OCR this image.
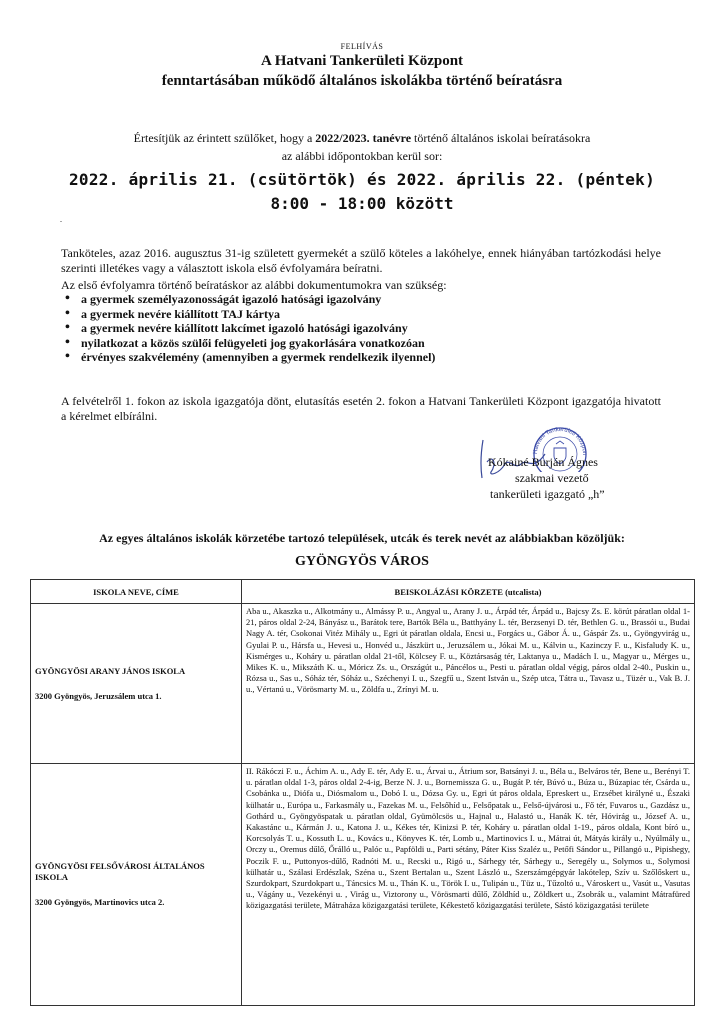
FELHÍVÁS
A Hatvani Tankerületi Központ
fenntartásában működő általános iskolákba történő beíratásra
Értesítjük az érintett szülőket, hogy a 2022/2023. tanévre történő általános iskolai beíratásokra
az alábbi időpontokban kerül sor:
2022. április 21. (csütörtök) és 2022. április 22. (péntek)
8:00 - 18:00 között
.
Tanköteles, azaz 2016. augusztus 31-ig született gyermekét a szülő köteles a lakóhelye, ennek hiányában tartózkodási helye szerinti illetékes vagy a választott iskola első évfolyamára beíratni.
Az első évfolyamra történő beíratáskor az alábbi dokumentumokra van szükség:
• a gyermek személyazonosságát igazoló hatósági igazolvány
• a gyermek nevére kiállított TAJ kártya
• a gyermek nevére kiállított lakcímet igazoló hatósági igazolvány
• nyilatkozat a közös szülői felügyeleti jog gyakorlására vonatkozóan
• érvényes szakvélemény (amennyiben a gyermek rendelkezik ilyennel)
A felvételről 1. fokon az iskola igazgatója dönt, elutasítás esetén 2. fokon a Hatvani Tankerületi Központ igazgatója hivatott a kérelmet elbírálni.
Hatvani Tankerületi Közpon
Kókainé Burján Ágnes
szakmai vezető
tankerületi igazgató „h”
Az egyes általános iskolák körzetébe tartozó települések, utcák és terek nevét az alábbiakban közöljük:
GYÖNGYÖS VÁROS
ISKOLA NEVE, CÍME	BEISKOLÁZÁSI KÖRZETE (utcalista)

GYÖNGYÖSI ARANY JÁNOS ISKOLA
3200 Gyöngyös, Jeruzsálem utca 1.	Aba u., Akaszka u., Alkotmány u., Almássy P. u., Angyal u., Arany J. u., Árpád tér, Árpád u., Bajcsy Zs. E. körút páratlan oldal 1-21, páros oldal 2-24, Bányász u., Barátok tere, Bartók Béla u., Batthyány L. tér, Berzsenyi D. tér, Bethlen G. u., Brassói u., Budai Nagy A. tér, Csokonai Vitéz Mihály u., Egri út páratlan oldala, Encsi u., Forgács u., Gábor Á. u., Gáspár Zs. u., Gyöngyvirág u., Gyulai P. u., Hársfa u., Hevesi u., Honvéd u., Jászkürt u., Jeruzsálem u., Jókai M. u., Kálvin u., Kazinczy F. u., Kisfaludy K. u., Kismérges u., Koháry u. páratlan oldal 21-től, Kölcsey F. u., Köztársaság tér, Laktanya u., Madách I. u., Magyar u., Mérges u., Mikes K. u., Mikszáth K. u., Móricz Zs. u., Országút u., Páncélos u., Pesti u. páratlan oldal végig, páros oldal 2-40., Puskin u., Rózsa u., Sas u., Sóház tér, Sóház u., Széchenyi I. u., Szegfű u., Szent István u., Szép utca, Tátra u., Tavasz u., Tüzér u., Vak B. J. u., Vértanú u., Vörösmarty M. u., Zöldfa u., Zrínyi M. u.

GYÖNGYÖSI FELSŐVÁROSI ÁLTALÁNOS ISKOLA
3200 Gyöngyös, Martinovics utca 2.	II. Rákóczi F. u., Áchim A. u., Ady E. tér, Ady E. u., Árvai u., Átrium sor, Batsányi J. u., Béla u., Belváros tér, Bene u., Berényi T. u. páratlan oldal 1-3, páros oldal 2-4-ig, Berze N. J. u., Bornemissza G. u., Bugát P. tér, Búvó u., Búza u., Búzapiac tér, Csárda u., Csobánka u., Diófa u., Diósmalom u., Dobó I. u., Dózsa Gy. u., Egri út páros oldala, Epreskert u., Erzsébet királyné u., Északi külhatár u., Európa u., Farkasmály u., Fazekas M. u., Felsőhíd u., Felsőpatak u., Felső-újvárosi u., Fő tér, Fuvaros u., Gazdász u., Gothárd u., Gyöngyöspatak u. páratlan oldal, Gyümölcsös u., Hajnal u., Halastó u., Hanák K. tér, Hóvirág u., József A. u., Kakastánc u., Kármán J. u., Katona J. u., Kékes tér, Kinizsi P. tér, Koháry u. páratlan oldal 1-19., páros oldala, Kont bíró u., Korcsolyás T. u., Kossuth L. u., Kovács u., Könyves K. tér, Lomb u., Martinovics I. u., Mátrai út, Mátyás király u., Nyúlmály u., Orczy u., Oremus dűlő, Őrálló u., Palóc u., Papföldi u., Parti sétány, Páter Kiss Szaléz u., Petőfi Sándor u., Pillangó u., Pipishegy, Poczik F. u., Puttonyos-dűlő, Radnóti M. u., Recski u., Rigó u., Sárhegy tér, Sárhegy u., Seregély u., Solymos u., Solymosi külhatár u., Szálasi Erdészlak, Széna u., Szent Bertalan u., Szent László u., Szerszámgépgyár lakótelep, Szív u. Szőlőskert u., Szurdokpart, Szurdokpart u., Táncsics M. u., Thán K. u., Török I. u., Tulipán u., Tüz u., Tűzoltó u., Városkert u., Vasút u., Vasutas u., Vágány u., Vezekényi u. , Virág u., Viztorony u., Vörösmarti dűlő, Zöldhíd u., Zöldkert u., Zsobrák u., valamint Mátrafüred közigazgatási területe, Mátraháza közigazgatási területe, Kékestető közigazgatási területe, Sástó közigazgatási területe
